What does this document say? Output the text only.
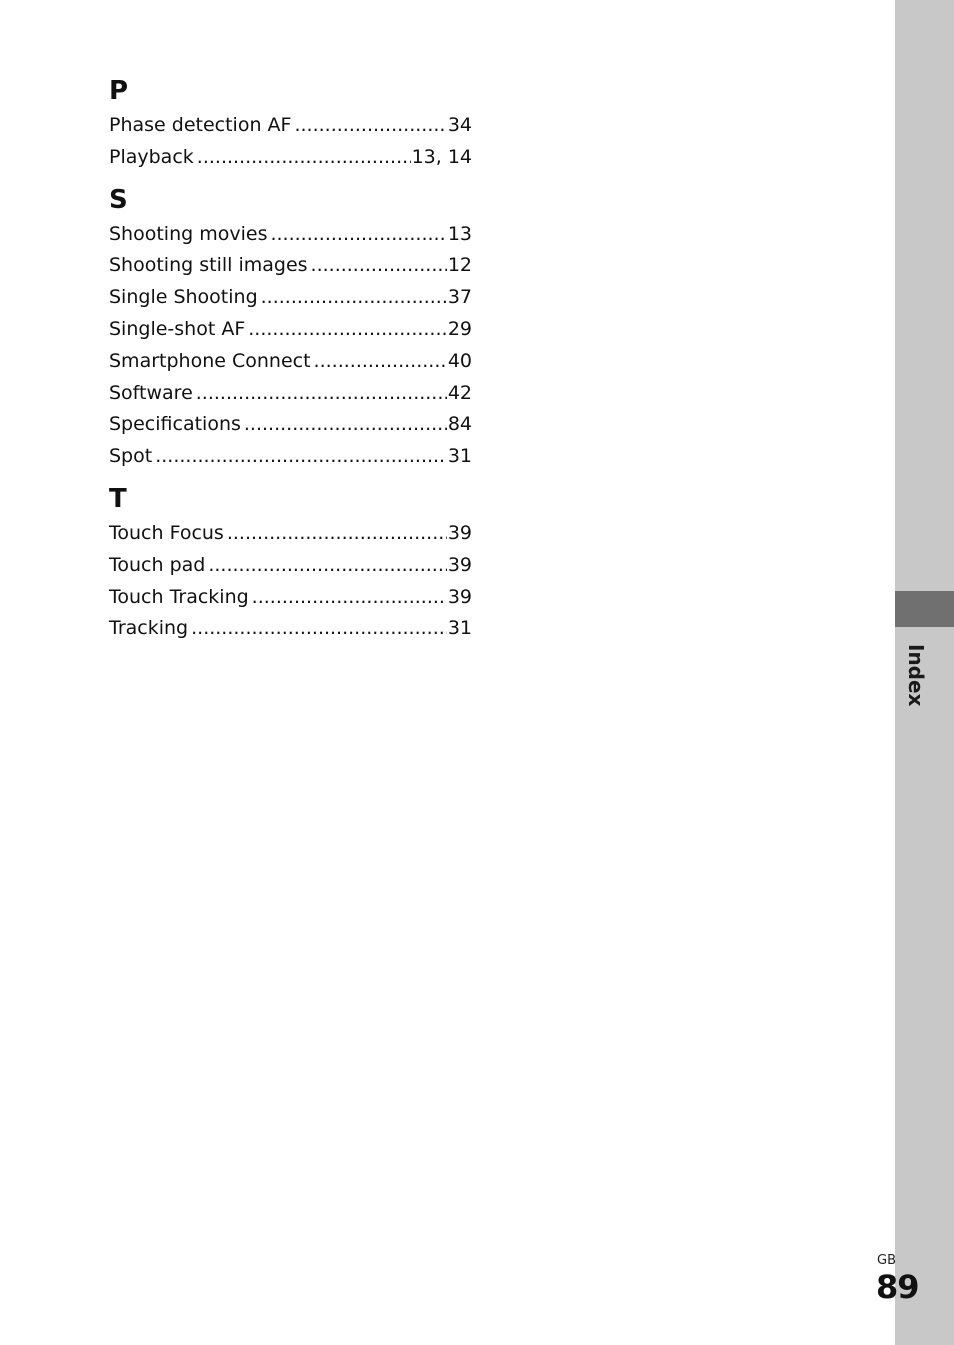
Index
P
Phase detection AF .....	34
Playback .....	13, 14
S
Shooting movies .....	13
Shooting still images .....	12
Single Shooting .....	37
Single-shot AF .....	29
Smartphone Connect .....	40
Software .....	42
Specifications .....	84
Spot .....	31
T
Touch Focus .....	39
Touch pad .....	39
Touch Tracking .....	39
Tracking .....	31
GB
89
